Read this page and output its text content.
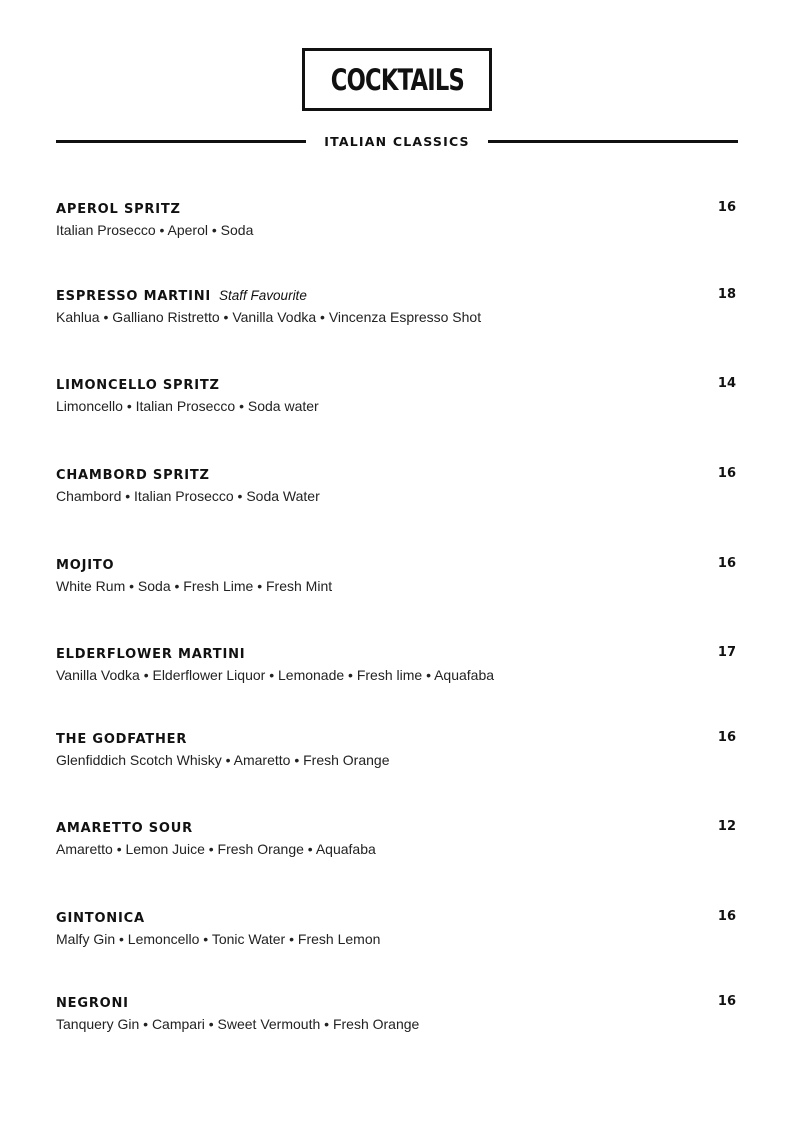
COCKTAILS
ITALIAN CLASSICS
APEROL SPRITZ	16
Italian Prosecco • Aperol • Soda
ESPRESSO MARTINI Staff Favourite	18
Kahlua • Galliano Ristretto • Vanilla Vodka • Vincenza Espresso Shot
LIMONCELLO SPRITZ	14
Limoncello • Italian Prosecco • Soda water
CHAMBORD SPRITZ	16
Chambord • Italian Prosecco • Soda Water
MOJITO	16
White Rum • Soda • Fresh Lime • Fresh Mint
ELDERFLOWER MARTINI	17
Vanilla Vodka • Elderflower Liquor • Lemonade • Fresh lime • Aquafaba
THE GODFATHER	16
Glenfiddich Scotch Whisky • Amaretto • Fresh Orange
AMARETTO SOUR	12
Amaretto • Lemon Juice • Fresh Orange • Aquafaba
GINTONICA	16
Malfy Gin • Lemoncello • Tonic Water • Fresh Lemon
NEGRONI	16
Tanquery Gin • Campari • Sweet Vermouth • Fresh Orange
